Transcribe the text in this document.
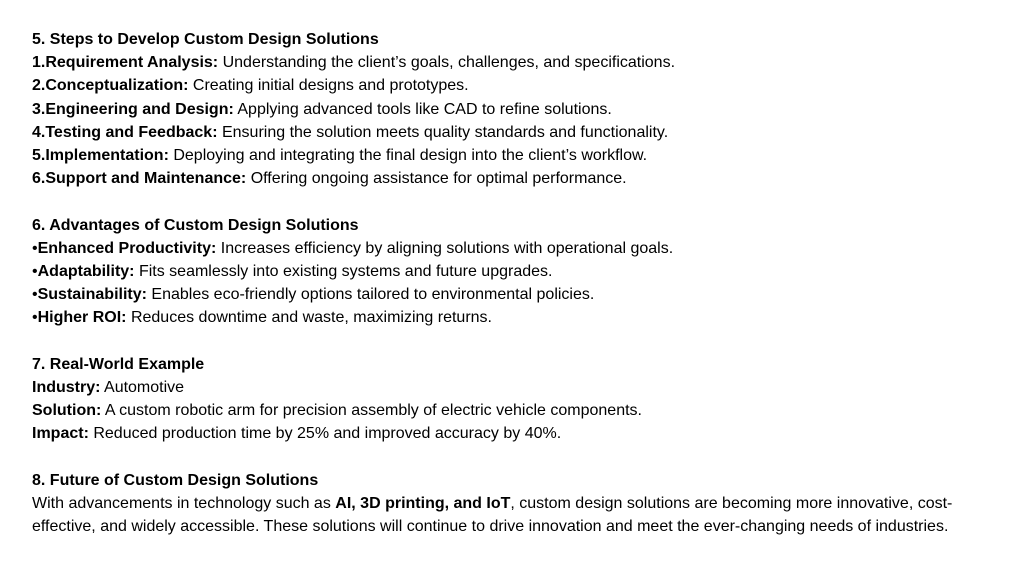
5. Steps to Develop Custom Design Solutions
1.Requirement Analysis: Understanding the client’s goals, challenges, and specifications.
2.Conceptualization: Creating initial designs and prototypes.
3.Engineering and Design: Applying advanced tools like CAD to refine solutions.
4.Testing and Feedback: Ensuring the solution meets quality standards and functionality.
5.Implementation: Deploying and integrating the final design into the client’s workflow.
6.Support and Maintenance: Offering ongoing assistance for optimal performance.
6. Advantages of Custom Design Solutions
•Enhanced Productivity: Increases efficiency by aligning solutions with operational goals.
•Adaptability: Fits seamlessly into existing systems and future upgrades.
•Sustainability: Enables eco-friendly options tailored to environmental policies.
•Higher ROI: Reduces downtime and waste, maximizing returns.
7. Real-World Example
Industry: Automotive
Solution: A custom robotic arm for precision assembly of electric vehicle components.
Impact: Reduced production time by 25% and improved accuracy by 40%.
8. Future of Custom Design Solutions
With advancements in technology such as AI, 3D printing, and IoT, custom design solutions are becoming more innovative, cost-effective, and widely accessible. These solutions will continue to drive innovation and meet the ever-changing needs of industries.
